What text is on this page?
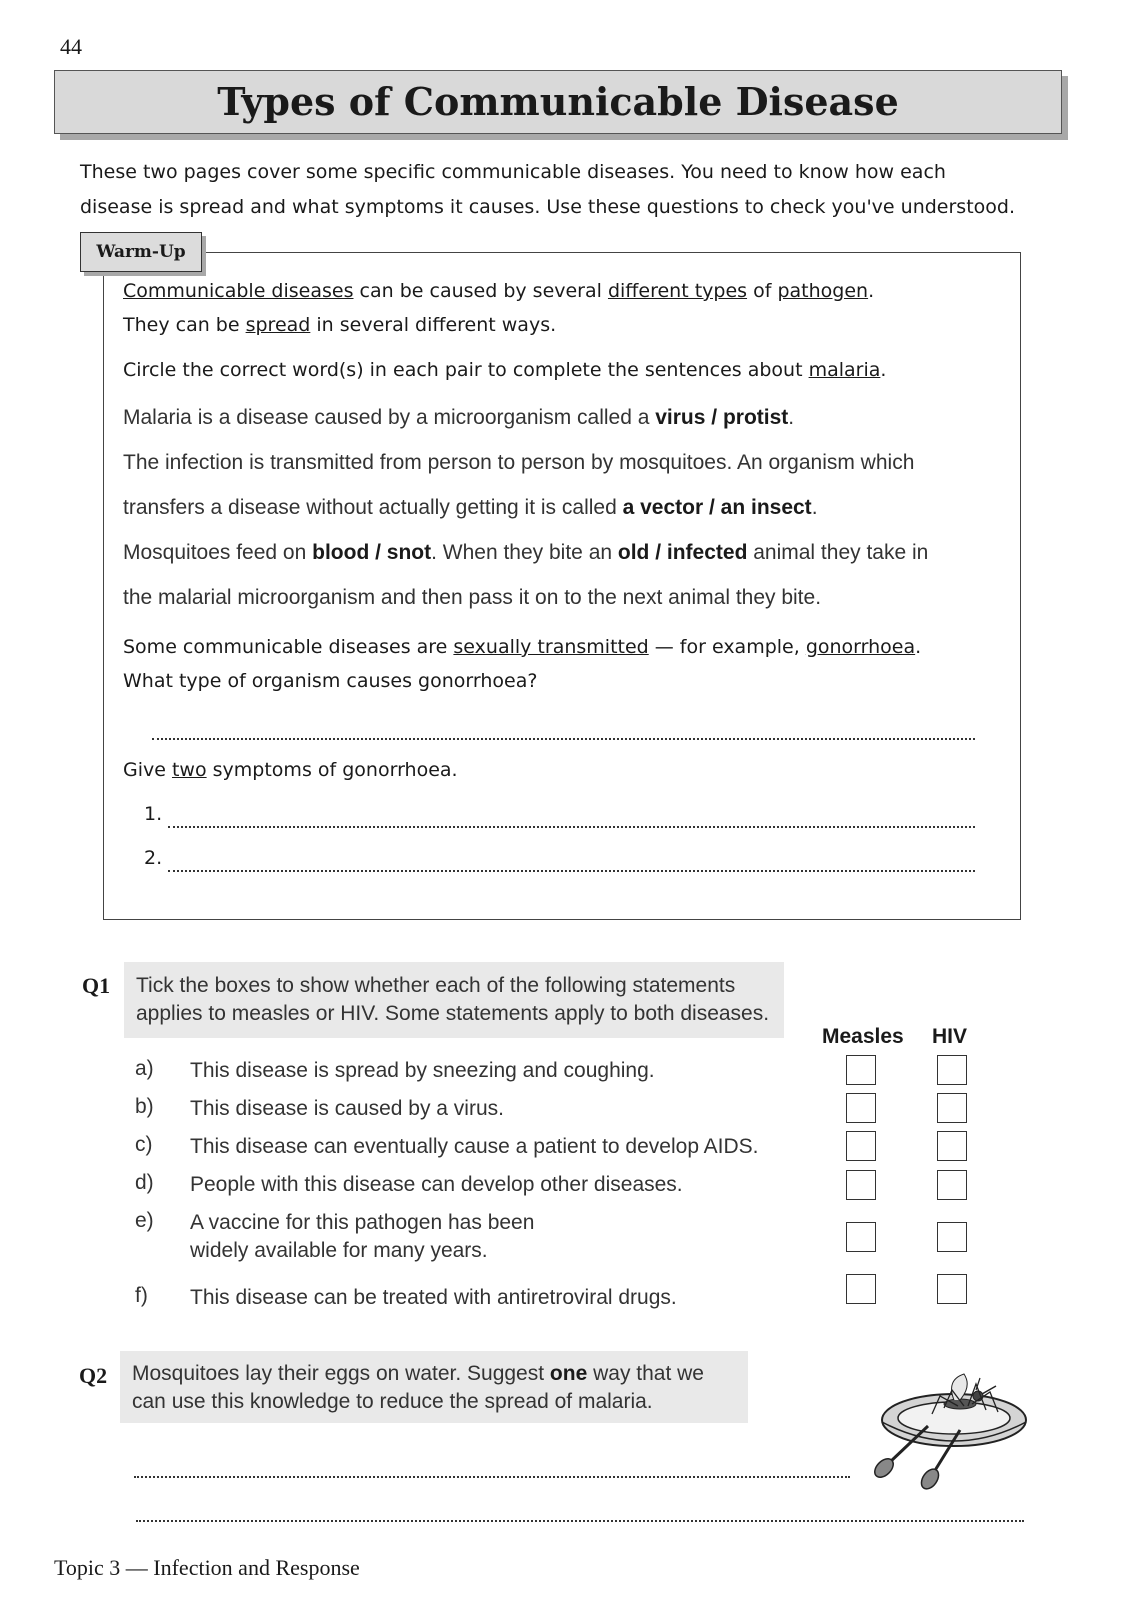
44
Types of Communicable Disease
These two pages cover some specific communicable diseases. You need to know how each
disease is spread and what symptoms it causes. Use these questions to check you've understood.
Warm-Up
Communicable diseases can be caused by several different types of pathogen.
They can be spread in several different ways.
Circle the correct word(s) in each pair to complete the sentences about malaria.
Malaria is a disease caused by a microorganism called a virus / protist.
The infection is transmitted from person to person by mosquitoes. An organism which
transfers a disease without actually getting it is called a vector / an insect.
Mosquitoes feed on blood / snot. When they bite an old / infected animal they take in
the malarial microorganism and then pass it on to the next animal they bite.
Some communicable diseases are sexually transmitted — for example, gonorrhoea.
What type of organism causes gonorrhoea?
Give two symptoms of gonorrhoea.
1.
2.
Q1 Tick the boxes to show whether each of the following statements
applies to measles or HIV. Some statements apply to both diseases.
Measles HIV
a) This disease is spread by sneezing and coughing.
b) This disease is caused by a virus.
c) This disease can eventually cause a patient to develop AIDS.
d) People with this disease can develop other diseases.
e) A vaccine for this pathogen has been
widely available for many years.
f) This disease can be treated with antiretroviral drugs.
Q2 Mosquitoes lay their eggs on water. Suggest one way that we
can use this knowledge to reduce the spread of malaria.
Topic 3 — Infection and Response
